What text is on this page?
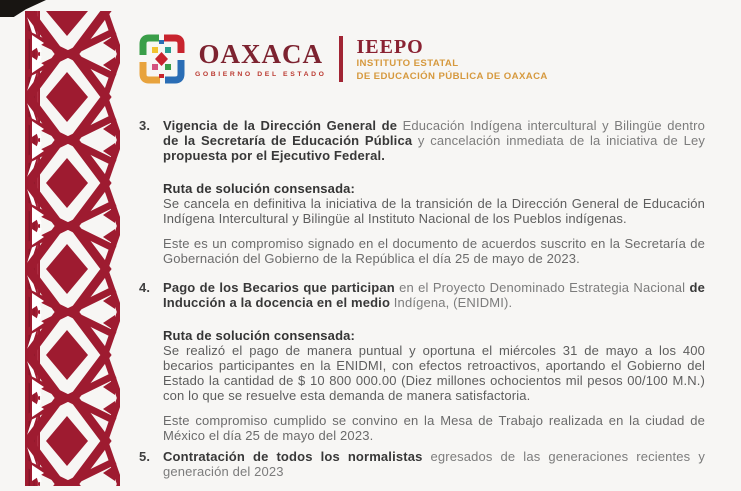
OAXACA
GOBIERNO DEL ESTADO
IEEPO
INSTITUTO ESTATAL
DE EDUCACIÓN PÚBLICA DE OAXACA
3. Vigencia de la Dirección General de Educación Indígena intercultural y Bilingüe dentro de la Secretaría de Educación Pública y cancelación inmediata de la iniciativa de Ley propuesta por el Ejecutivo Federal.

Ruta de solución consensada:

Se cancela en definitiva la iniciativa de la transición de la Dirección General de Educación Indígena Intercultural y Bilingüe al Instituto Nacional de los Pueblos indígenas.

Este es un compromiso signado en el documento de acuerdos suscrito en la Secretaría de Gobernación del Gobierno de la República el día 25 de mayo de 2023.

4. Pago de los Becarios que participan en el Proyecto Denominado Estrategia Nacional de Inducción a la docencia en el medio Indígena, (ENIDMI).

Ruta de solución consensada:

Se realizó el pago de manera puntual y oportuna el miércoles 31 de mayo a los 400 becarios participantes en la ENIDMI, con efectos retroactivos, aportando el Gobierno del Estado la cantidad de $ 10 800 000.00 (Diez millones ochocientos mil pesos 00/100 M.N.) con lo que se resuelve esta demanda de manera satisfactoria.

Este compromiso cumplido se convino en la Mesa de Trabajo realizada en la ciudad de México el día 25 de mayo del 2023.

5. Contratación de todos los normalistas egresados de las generaciones recientes y generación del 2023
